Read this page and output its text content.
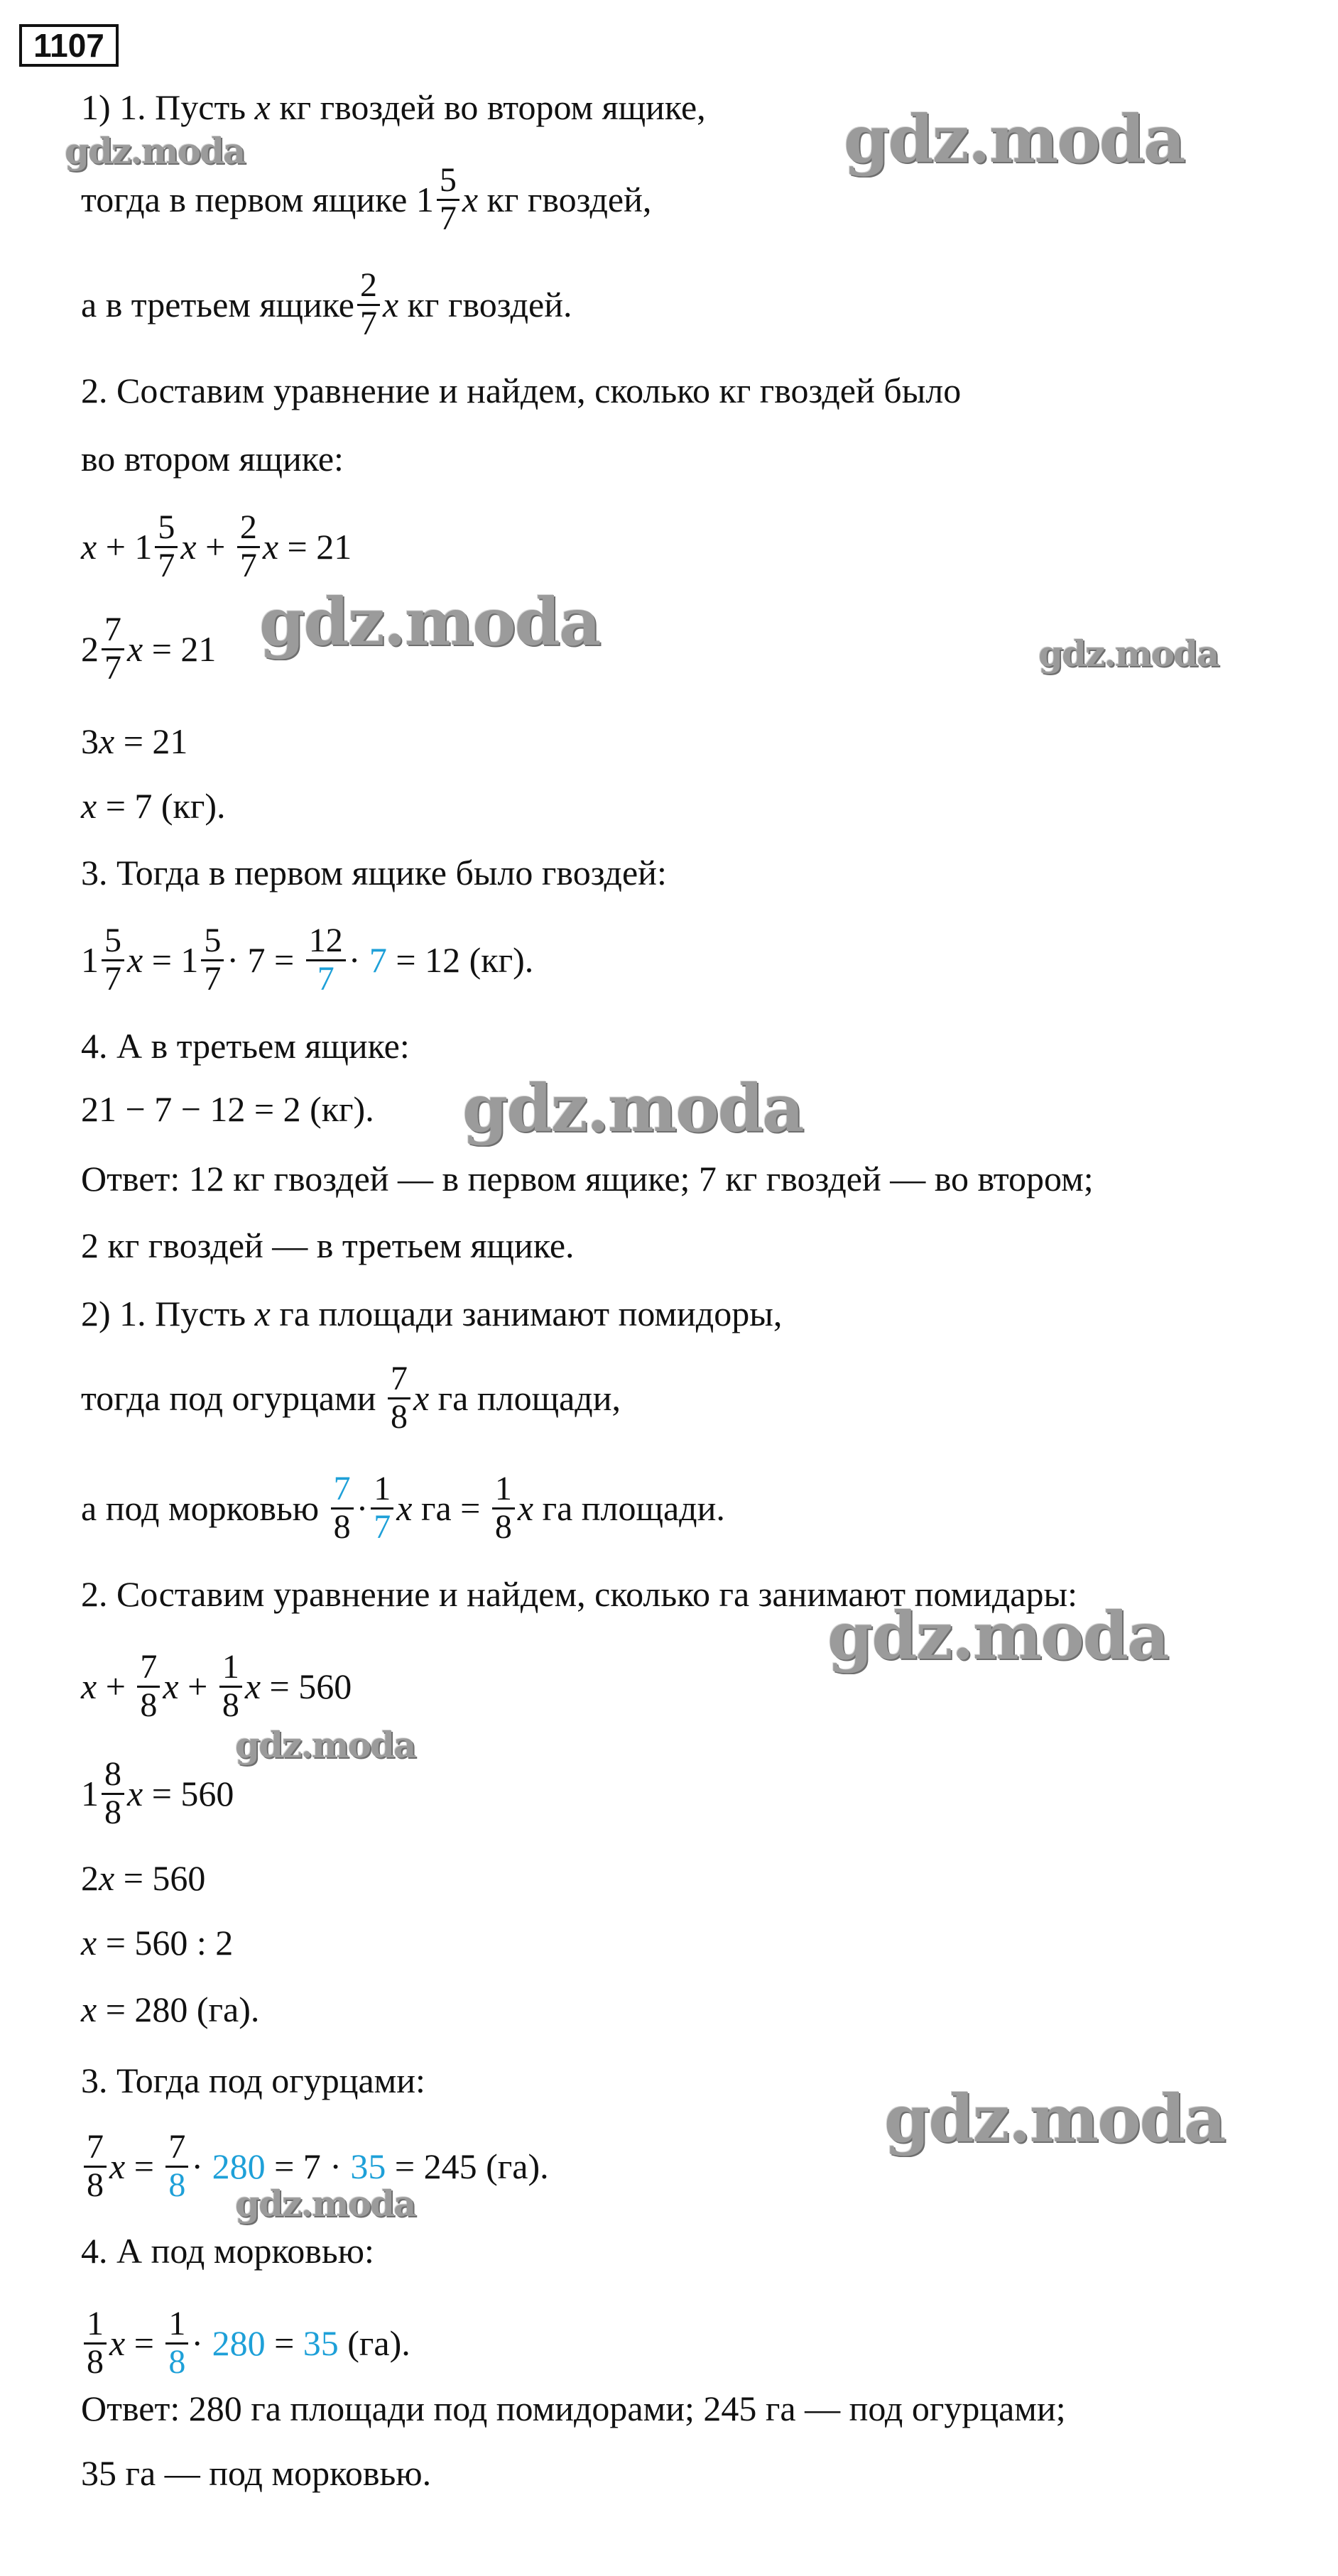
1107
1) 1. Пусть x кг гвоздей во втором ящике,
тогда в первом ящике $1 \frac{5}{7}$ x кг гвоздей,
а в третьем ящике $\frac{2}{7}$ x кг гвоздей.
2. Составим уравнение и найдем, сколько кг гвоздей было
во втором ящике:
$x + 1 \frac{5}{7}$ $x + \frac{2}{7}$ x = 21
$2 \frac{7}{7}$ x = 21
3 x = 21
x = 7 (кг).
3. Тогда в первом ящике было гвоздей:
$1 \frac{5}{7}$ $x = 1 \frac{5}{7} \cdot 7 = \frac{12}{7} \cdot 7 = 12$ (кг).
4. А в третьем ящике:
21 − 7 − 12 = 2 (кг).
Ответ: 12 кг гвоздей — в первом ящике; 7 кг гвоздей — во втором;
2 кг гвоздей — в третьем ящике.
2) 1. Пусть x га площади занимают помидоры,
тогда под огурцами $\frac{7}{8}$ x га площади,
а под морковью $\frac{7}{8} \cdot \frac{1}{7}$ x га = $\frac{1}{8}$ x га площади.
2. Составим уравнение и найдем, сколько га занимают помидары:
$x + \frac{7}{8}$ $x + \frac{1}{8}$ x = 560
$1 \frac{8}{8}$ x = 560
2 x = 560
x = 560 : 2
x = 280 (га).
3. Тогда под огурцами:
$\frac{7}{8}$ $x = \frac{7}{8} \cdot 280 = 7 \cdot 35 = 245$ (га).
4. А под морковью:
$\frac{1}{8}$ $x = \frac{1}{8} \cdot 280 = 35$ (га).
Ответ: 280 га площади под помидорами; 245 га — под огурцами;
35 га — под морковью.
gdz.moda	gdz.moda
gdz.moda	gdz.moda
gdz.moda
gdz.moda
gdz.moda
gdz.moda
gdz.moda
